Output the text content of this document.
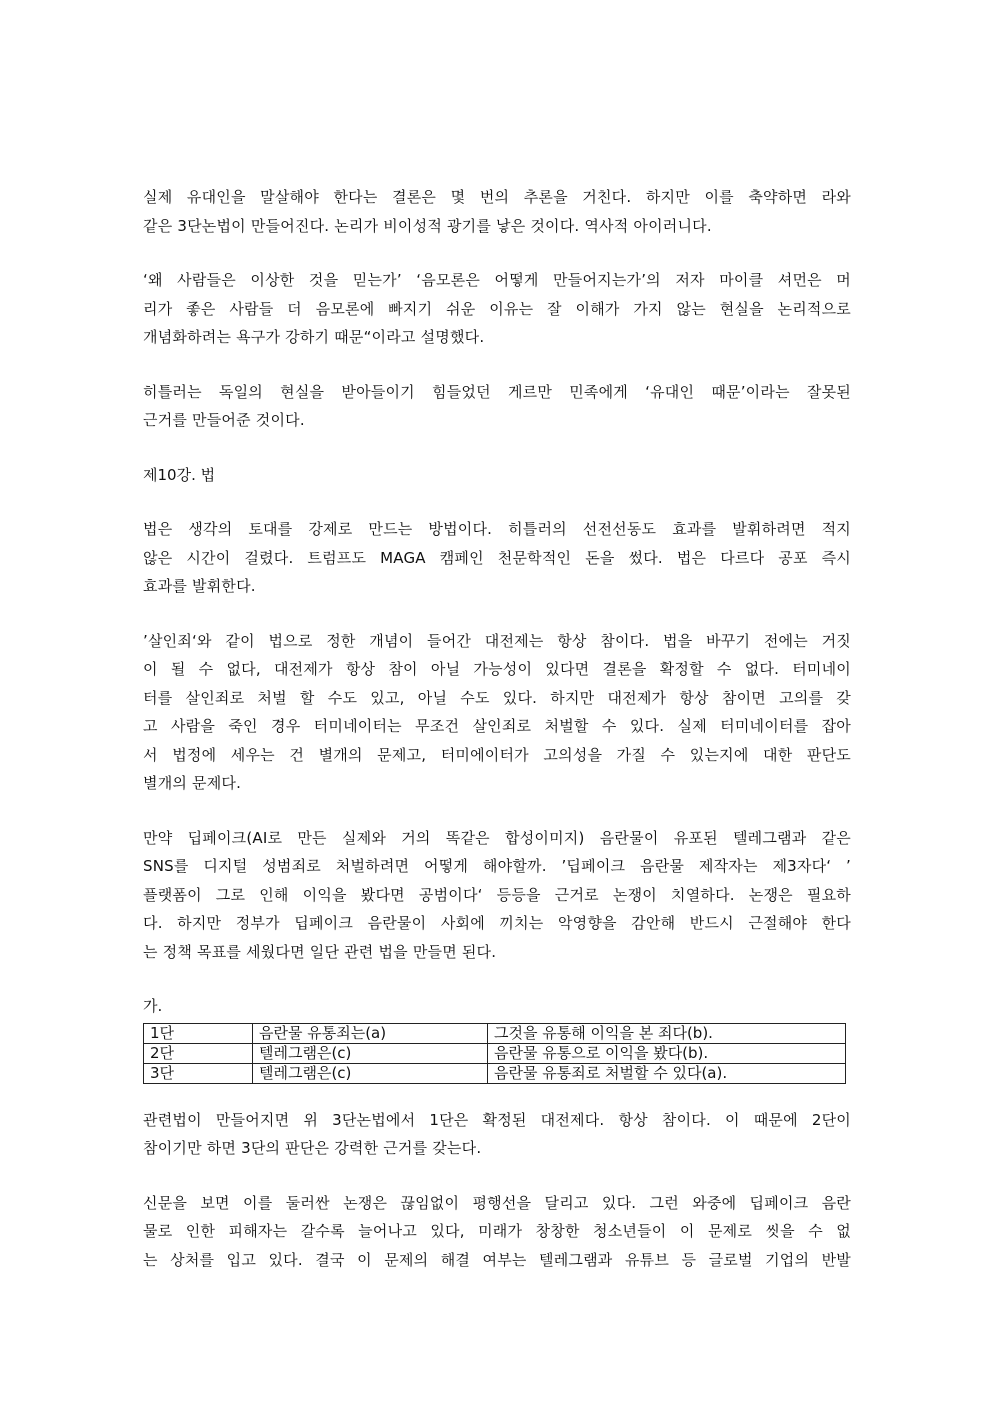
실제 유대인을 말살해야 한다는 결론은 몇 번의 추론을 거친다. 하지만 이를 축약하면 라와
같은 3단논법이 만들어진다. 논리가 비이성적 광기를 낳은 것이다. 역사적 아이러니다.

‘왜 사람들은 이상한 것을 믿는가’ ‘음모론은 어떻게 만들어지는가’의 저자 마이클 셔먼은 머
리가 좋은 사람들 더 음모론에 빠지기 쉬운 이유는 잘 이해가 가지 않는 현실을 논리적으로
개념화하려는 욕구가 강하기 때문“이라고 설명했다.

히틀러는 독일의 현실을 받아들이기 힘들었던 게르만 민족에게 ‘유대인 때문’이라는 잘못된
근거를 만들어준 것이다.

제10강. 법

법은 생각의 토대를 강제로 만드는 방법이다. 히틀러의 선전선동도 효과를 발휘하려면 적지
않은 시간이 걸렸다. 트럼프도 MAGA 캠페인 천문학적인 돈을 썼다. 법은 다르다 공포 즉시
효과를 발휘한다.

’살인죄‘와 같이 법으로 정한 개념이 들어간 대전제는 항상 참이다. 법을 바꾸기 전에는 거짓
이 될 수 없다, 대전제가 항상 참이 아닐 가능성이 있다면 결론을 확정할 수 없다. 터미네이
터를 살인죄로 처벌 할 수도 있고, 아닐 수도 있다. 하지만 대전제가 항상 참이면 고의를 갖
고 사람을 죽인 경우 터미네이터는 무조건 살인죄로 처벌할 수 있다. 실제 터미네이터를 잡아
서 법정에 세우는 건 별개의 문제고, 터미에이터가 고의성을 가질 수 있는지에 대한 판단도
별개의 문제다.

만약 딥페이크(AI로 만든 실제와 거의 똑같은 합성이미지) 음란물이 유포된 텔레그램과 같은
SNS를 디지털 성범죄로 처벌하려면 어떻게 해야할까. ’딥페이크 음란물 제작자는 제3자다‘ ’
플랫폼이 그로 인해 이익을 봤다면 공범이다‘ 등등을 근거로 논쟁이 치열하다. 논쟁은 필요하
다. 하지만 정부가 딥페이크 음란물이 사회에 끼치는 악영향을 감안해 반드시 근절해야 한다
는 정책 목표를 세웠다면 일단 관련 법을 만들면 된다.

가.

1단	음란물 유통죄는(a)	그것을 유통해 이익을 본 죄다(b).
2단	텔레그램은(c)	음란물 유통으로 이익을 봤다(b).
3단	텔레그램은(c)	음란물 유통죄로 처벌할 수 있다(a).

관련법이 만들어지면 위 3단논법에서 1단은 확정된 대전제다. 항상 참이다. 이 때문에 2단이
참이기만 하면 3단의 판단은 강력한 근거를 갖는다.

신문을 보면 이를 둘러싼 논쟁은 끊임없이 평행선을 달리고 있다. 그런 와중에 딥페이크 음란
물로 인한 피해자는 갈수록 늘어나고 있다, 미래가 창창한 청소년들이 이 문제로 씻을 수 없
는 상처를 입고 있다. 결국 이 문제의 해결 여부는 텔레그램과 유튜브 등 글로벌 기업의 반발
